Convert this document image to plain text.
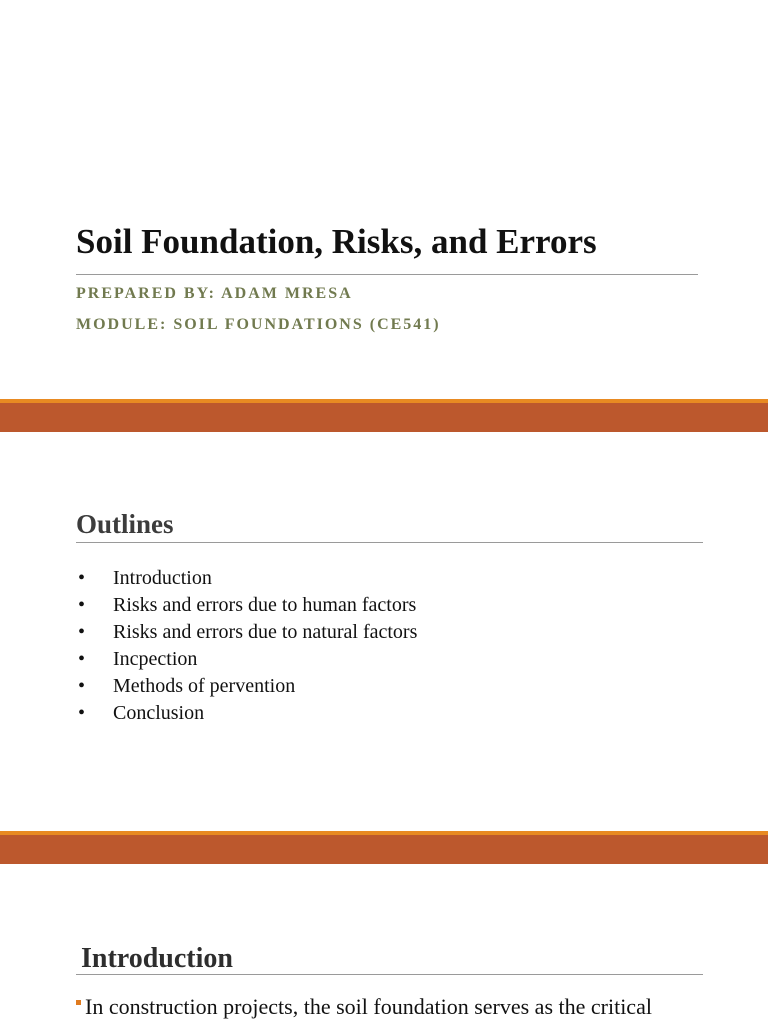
Soil Foundation, Risks, and Errors
PREPARED BY: ADAM MRESA
MODULE: SOIL FOUNDATIONS (CE541)
Outlines
• Introduction
• Risks and errors due to human factors
• Risks and errors due to natural factors
• Incpection
• Methods of pervention
• Conclusion
Introduction
In construction projects, the soil foundation serves as the critical
